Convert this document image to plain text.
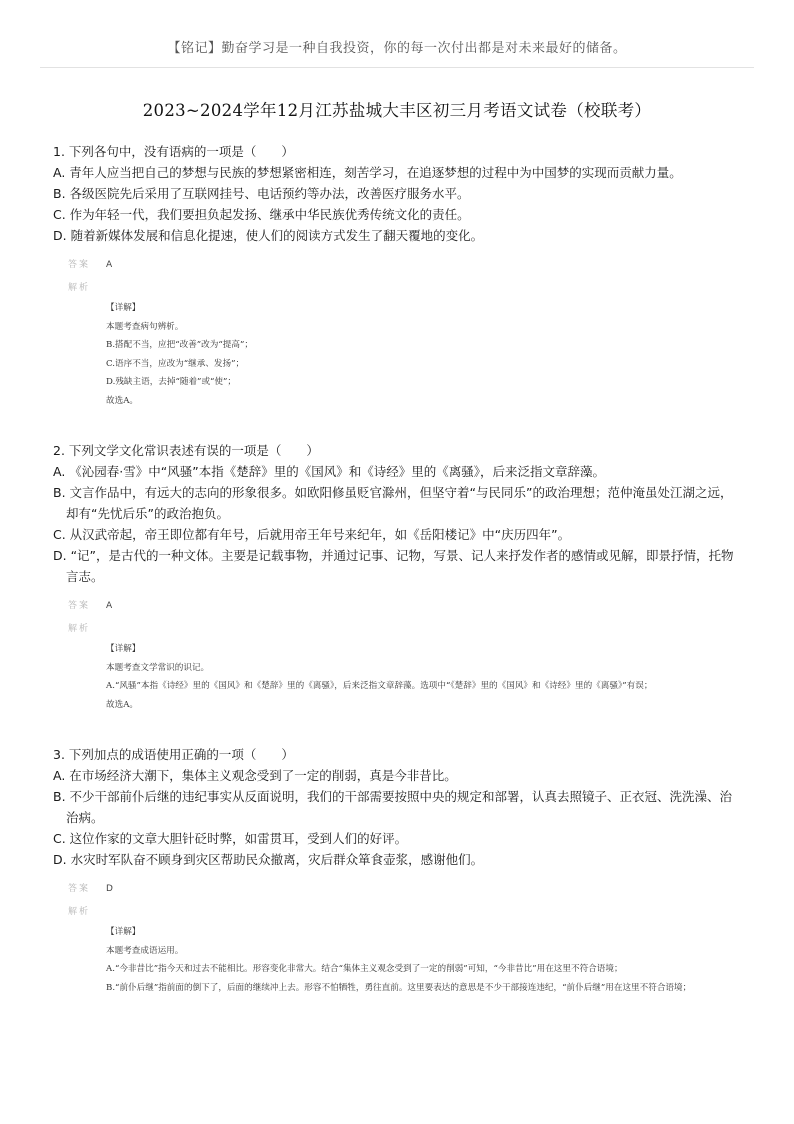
【铭记】勤奋学习是一种自我投资，你的每一次付出都是对未来最好的储备。
2023~2024学年12月江苏盐城大丰区初三月考语文试卷（校联考）
1. 下列各句中，没有语病的一项是（　　）
A. 青年人应当把自己的梦想与民族的梦想紧密相连，刻苦学习，在追逐梦想的过程中为中国梦的实现而贡献力量。
B. 各级医院先后采用了互联网挂号、电话预约等办法，改善医疗服务水平。
C. 作为年轻一代，我们要担负起发扬、继承中华民族优秀传统文化的责任。
D. 随着新媒体发展和信息化提速，使人们的阅读方式发生了翻天覆地的变化。
答案 A
解析
【详解】
本题考查病句辨析。
B.搭配不当，应把“改善”改为“提高”；
C.语序不当，应改为“继承、发扬”；
D.残缺主语，去掉“随着”或“使”；
故选A。
2. 下列文学文化常识表述有误的一项是（　　）
A. 《沁园春·雪》中“风骚”本指《楚辞》里的《国风》和《诗经》里的《离骚》，后来泛指文章辞藻。
B. 文言作品中，有远大的志向的形象很多。如欧阳修虽贬官滁州，但坚守着“与民同乐”的政治理想；范仲淹虽处江湖之远，却有“先忧后乐”的政治抱负。
C. 从汉武帝起，帝王即位都有年号，后就用帝王年号来纪年，如《岳阳楼记》中“庆历四年”。
D. “记”，是古代的一种文体。主要是记载事物，并通过记事、记物，写景、记人来抒发作者的感情或见解，即景抒情，托物言志。
答案 A
解析
【详解】
本题考查文学常识的识记。
A.“风骚”本指《诗经》里的《国风》和《楚辞》里的《离骚》，后来泛指文章辞藻。选项中“《楚辞》里的《国风》和《诗经》里的《离骚》”有误；
故选A。
3. 下列加点的成语使用正确的一项（　　）
A. 在市场经济大潮下，集体主义观念受到了一定的削弱，真是今非昔比。
B. 不少干部前仆后继的违纪事实从反面说明，我们的干部需要按照中央的规定和部署，认真去照镜子、正衣冠、洗洗澡、治治病。
C. 这位作家的文章大胆针砭时弊，如雷贯耳，受到人们的好评。
D. 水灾时军队奋不顾身到灾区帮助民众撤离，灾后群众箪食壶浆，感谢他们。
答案 D
解析
【详解】
本题考查成语运用。
A.“今非昔比”指今天和过去不能相比。形容变化非常大。结合“集体主义观念受到了一定的削弱”可知，“今非昔比”用在这里不符合语境；
B.“前仆后继”指前面的倒下了，后面的继续冲上去。形容不怕牺牲，勇往直前。这里要表达的意思是不少干部接连违纪，“前仆后继”用在这里不符合语境；
